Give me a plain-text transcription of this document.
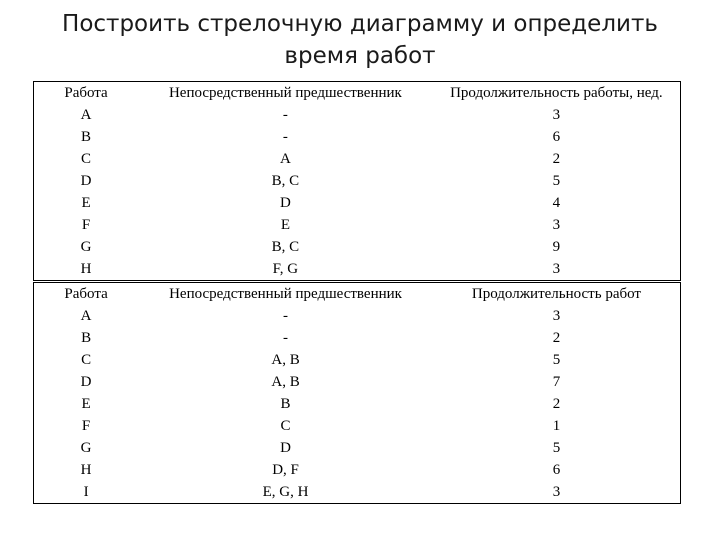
Построить стрелочную диаграмму и определить
время работ
Работа	Непосредственный предшественник	Продолжительность работы, нед.
A	-	3
B	-	6
C	A	2
D	B, C	5
E	D	4
F	E	3
G	B, C	9
H	F, G	3
Работа	Непосредственный предшественник	Продолжительность работ
A	-	3
B	-	2
C	A, B	5
D	A, B	7
E	B	2
F	C	1
G	D	5
H	D, F	6
I	E, G, H	3
